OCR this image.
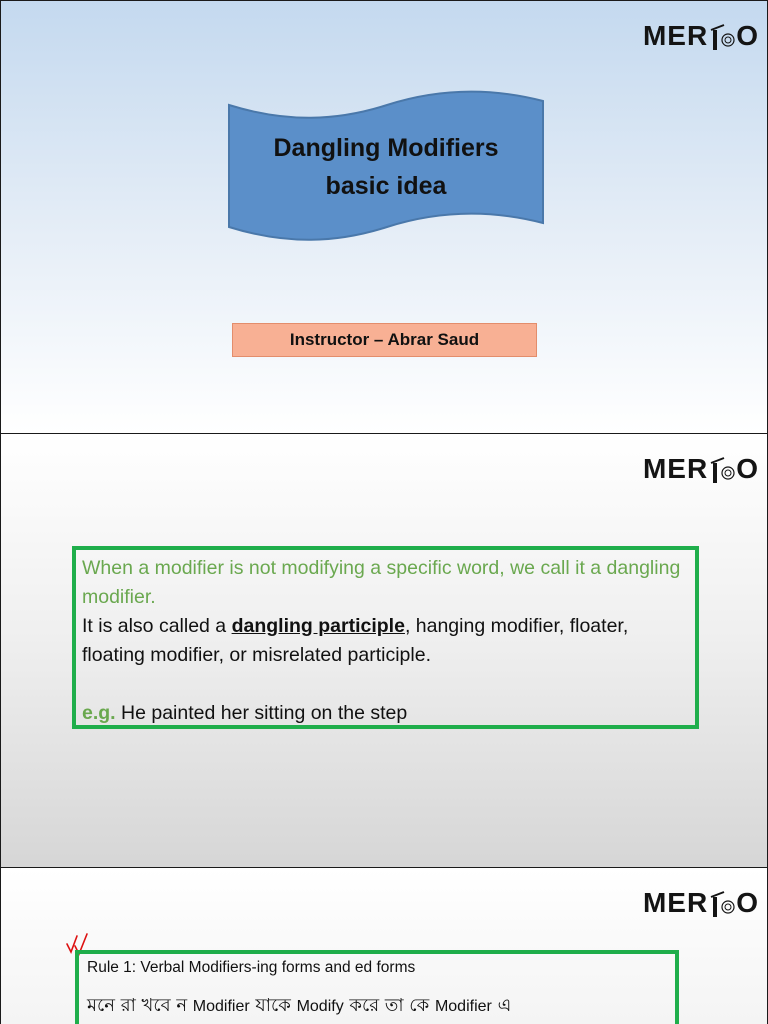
MER O
Dangling Modifiers
basic idea
Instructor – Abrar Saud
MER O
When a modifier is not modifying a specific word, we call it a dangling modifier.
It is also called a dangling participle, hanging modifier, floater, floating modifier, or misrelated participle.
e.g. He painted her sitting on the step
MER O
Rule 1: Verbal Modifiers-ing forms and ed forms
মনে রা খবে ন Modifier যাকে Modify করে তা কে Modifier এ
